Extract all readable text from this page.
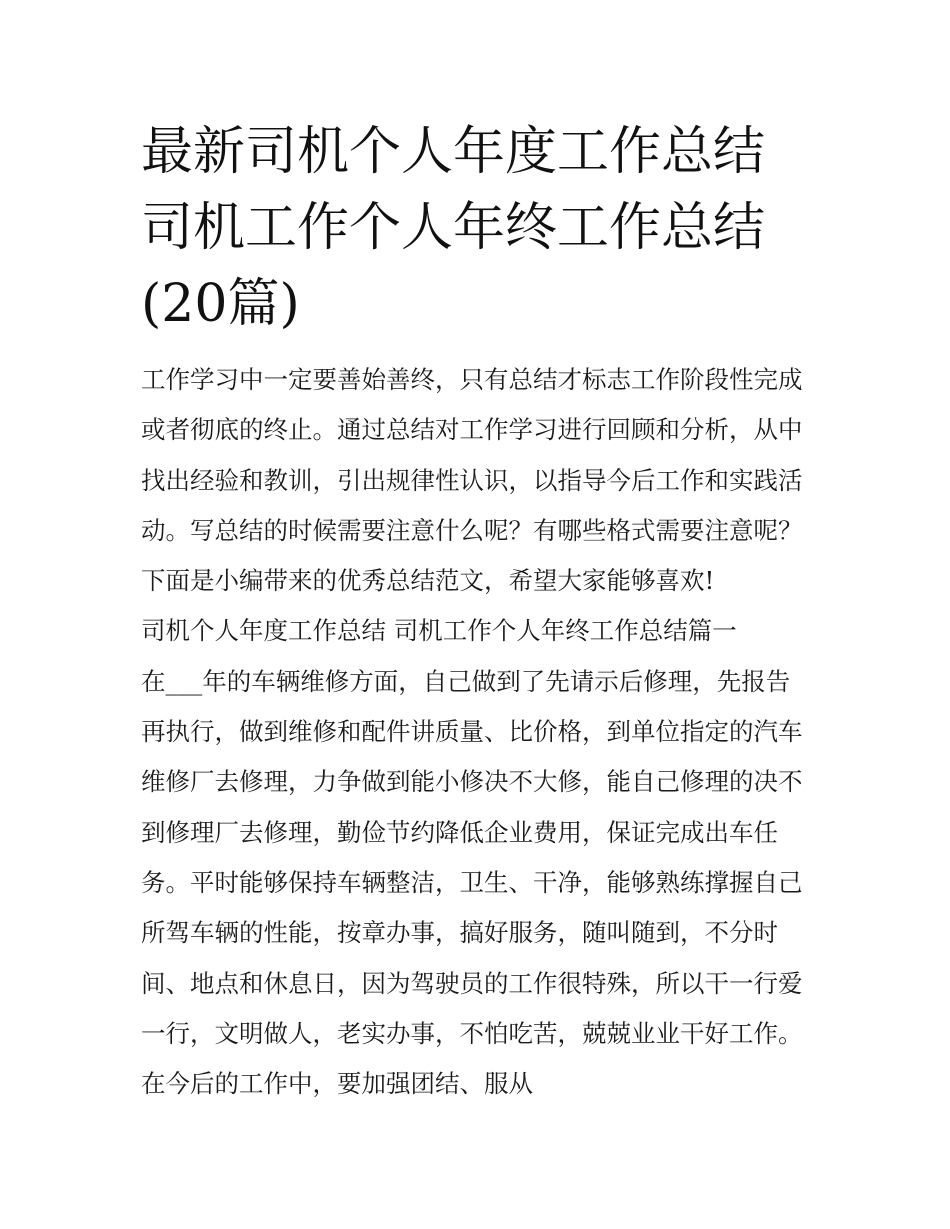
最新司机个人年度工作总结 司机工作个人年终工作总结(20篇)
工作学习中一定要善始善终，只有总结才标志工作阶段性完成
或者彻底的终止。通过总结对工作学习进行回顾和分析，从中
找出经验和教训，引出规律性认识，以指导今后工作和实践活
动。写总结的时候需要注意什么呢？有哪些格式需要注意呢？
下面是小编带来的优秀总结范文，希望大家能够喜欢!
司机个人年度工作总结 司机工作个人年终工作总结篇一
在___年的车辆维修方面，自己做到了先请示后修理，先报告
再执行，做到维修和配件讲质量、比价格，到单位指定的汽车
维修厂去修理，力争做到能小修决不大修，能自己修理的决不
到修理厂去修理，勤俭节约降低企业费用，保证完成出车任
务。平时能够保持车辆整洁，卫生、干净，能够熟练撑握自己
所驾车辆的性能，按章办事，搞好服务，随叫随到，不分时
间、地点和休息日，因为驾驶员的工作很特殊，所以干一行爱
一行，文明做人，老实办事，不怕吃苦，兢兢业业干好工作。
在今后的工作中，要加强团结、服从
